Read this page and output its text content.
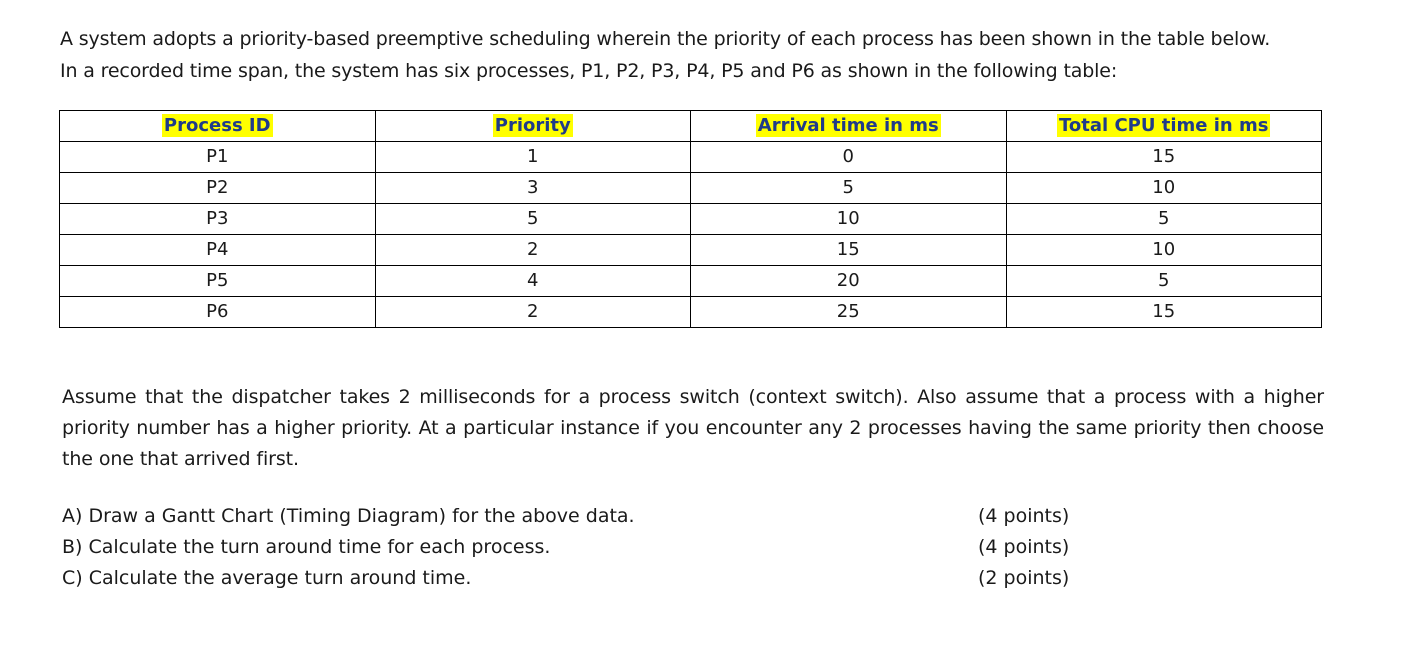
A system adopts a priority-based preemptive scheduling wherein the priority of each process has been shown in the table below.

In a recorded time span, the system has six processes, P1, P2, P3, P4, P5 and P6 as shown in the following table:

Process ID	Priority	Arrival time in ms	Total CPU time in ms
P1	1	0	15
P2	3	5	10
P3	5	10	5
P4	2	15	10
P5	4	20	5
P6	2	25	15

Assume that the dispatcher takes 2 milliseconds for a process switch (context switch). Also assume that a process with a higher priority number has a higher priority. At a particular instance if you encounter any 2 processes having the same priority then choose the one that arrived first.

A) Draw a Gantt Chart (Timing Diagram) for the above data.	(4 points)
B) Calculate the turn around time for each process.	(4 points)
C) Calculate the average turn around time.	(2 points)
